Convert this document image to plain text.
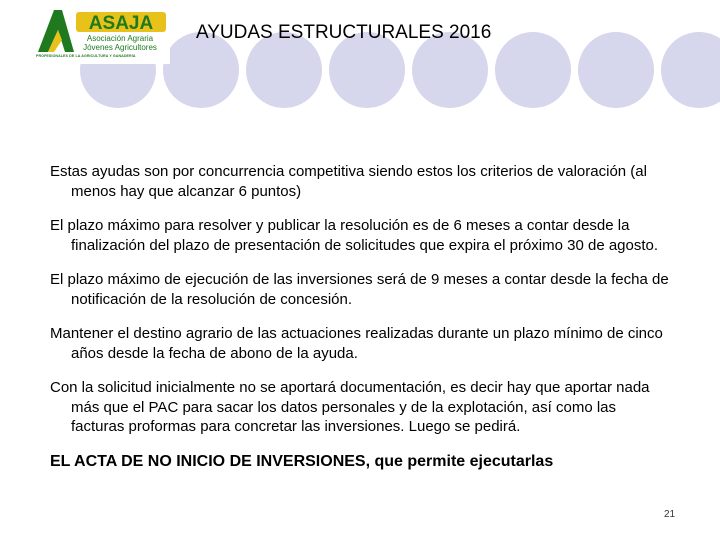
ASAJA
Asociación Agraria
Jóvenes Agricultores
PROFESIONALES DE LA AGRICULTURA Y GANADERÍA
AYUDAS ESTRUCTURALES 2016

Estas ayudas son por concurrencia competitiva siendo estos los criterios de valoración (al menos hay que alcanzar 6 puntos)

El plazo máximo para resolver y publicar la resolución es de 6 meses a contar desde la finalización del plazo de presentación de solicitudes que expira el próximo 30 de agosto.

El plazo máximo de ejecución de las inversiones será de 9 meses a contar desde la fecha de notificación de la resolución de concesión.

Mantener el destino agrario de las actuaciones realizadas durante un plazo mínimo de cinco años desde la fecha de abono de la ayuda.

Con la solicitud inicialmente no se aportará documentación, es decir hay que aportar nada más que el PAC para sacar los datos personales y de la explotación, así como las facturas proformas para concretar las inversiones. Luego se pedirá.

EL ACTA DE NO INICIO DE INVERSIONES, que permite ejecutarlas

21
